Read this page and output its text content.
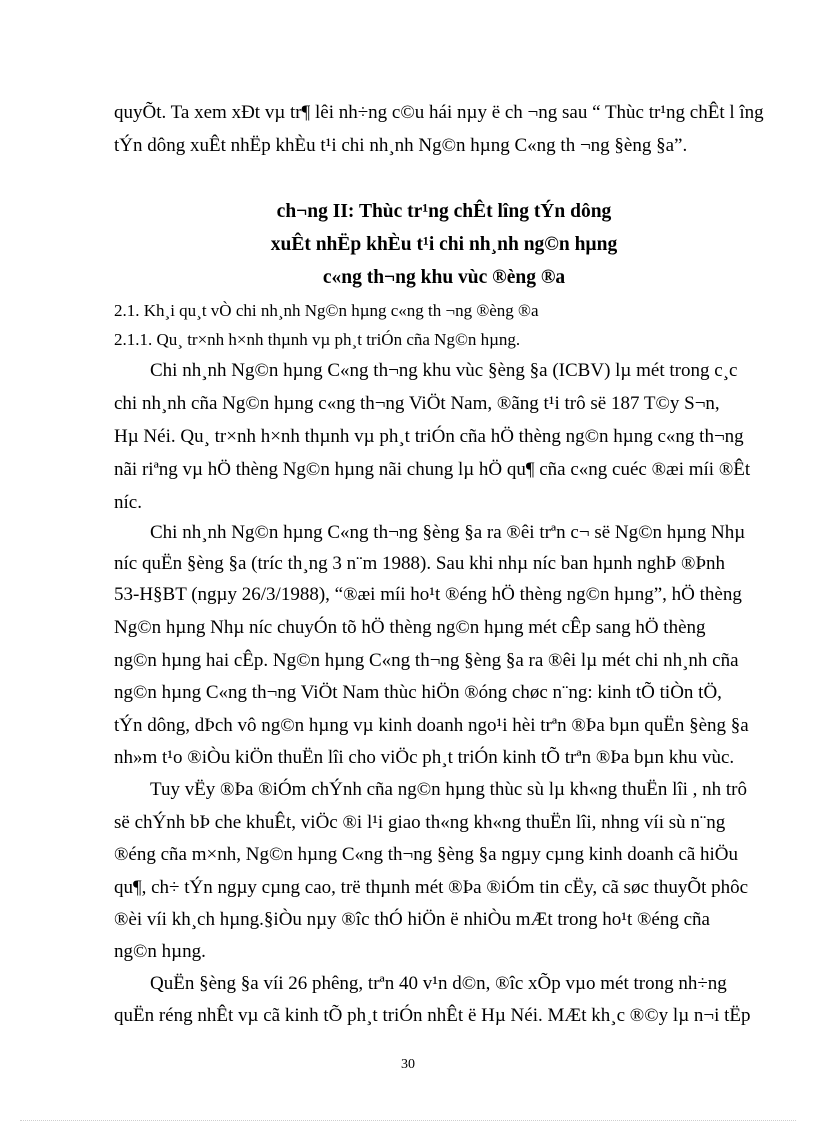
quyÕt. Ta xem xÐt vµ tr¶ lêi nh÷ng c©u hái nµy ë ch ¬ng sau “ Thùc tr¹ng chÊt l îng
tÝn dông xuÊt nhËp khÈu t¹i chi nh¸nh Ng©n hµng C«ng th ¬ng §èng §a”.
ch¬ng II: Thùc tr¹ng chÊt lîng tÝn dông
xuÊt nhËp khÈu t¹i chi nh¸nh ng©n hµng
c«ng th¬ng khu vùc ®èng ®a
2.1. Kh¸i qu¸t vÒ chi nh¸nh Ng©n hµng c«ng th ¬ng ®èng ®a
2.1.1. Qu¸ tr×nh h×nh thµnh vµ ph¸t triÓn cña Ng©n hµng.
Chi nh¸nh Ng©n hµng C«ng th¬ng khu vùc §èng §a (ICBV) lµ mét trong c¸c
chi nh¸nh cña Ng©n hµng c«ng th¬ng ViÖt Nam, ®ãng t¹i trô së 187 T©y S¬n,
Hµ Néi. Qu¸ tr×nh h×nh thµnh vµ ph¸t triÓn cña hÖ thèng ng©n hµng c«ng th¬ng
nãi riªng vµ hÖ thèng Ng©n hµng nãi chung lµ hÖ qu¶ cña c«ng cuéc ®æi míi ®Êt
níc.
Chi nh¸nh Ng©n hµng C«ng th¬ng §èng §a ra ®êi trªn c¬ së Ng©n hµng Nhµ
níc quËn §èng §a (tríc th¸ng 3 n¨m 1988). Sau khi nhµ níc ban hµnh nghÞ ®Þnh
53-H§BT (ngµy 26/3/1988), “®æi míi ho¹t ®éng hÖ thèng ng©n hµng”, hÖ thèng
Ng©n hµng Nhµ níc chuyÓn tõ hÖ thèng ng©n hµng mét cÊp sang hÖ thèng
ng©n hµng hai cÊp. Ng©n hµng C«ng th¬ng §èng §a ra ®êi lµ mét chi nh¸nh cña
ng©n hµng C«ng th¬ng ViÖt Nam thùc hiÖn ®óng chøc n¨ng: kinh tÕ tiÒn tÖ,
tÝn dông, dÞch vô ng©n hµng vµ kinh doanh ngo¹i hèi trªn ®Þa bµn quËn §èng §a
nh»m t¹o ®iÒu kiÖn thuËn lîi cho viÖc ph¸t triÓn kinh tÕ trªn ®Þa bµn khu vùc.
Tuy vËy ®Þa ®iÓm chÝnh cña ng©n hµng thùc sù lµ kh«ng thuËn lîi , nh trô
së chÝnh bÞ che khuÊt, viÖc ®i l¹i giao th«ng kh«ng thuËn lîi, nhng víi sù n¨ng
®éng cña m×nh, Ng©n hµng C«ng th¬ng §èng §a ngµy cµng kinh doanh cã hiÖu
qu¶, ch÷ tÝn ngµy cµng cao, trë thµnh mét ®Þa ®iÓm tin cËy, cã søc thuyÕt phôc
®èi víi kh¸ch hµng.§iÒu nµy ®îc thÓ hiÖn ë nhiÒu mÆt trong ho¹t ®éng cña
ng©n hµng.
QuËn §èng §a víi 26 phêng, trªn 40 v¹n d©n, ®îc xÕp vµo mét trong nh÷ng
quËn réng nhÊt vµ cã kinh tÕ ph¸t triÓn nhÊt ë Hµ Néi. MÆt kh¸c ®©y lµ n¬i tËp
30
